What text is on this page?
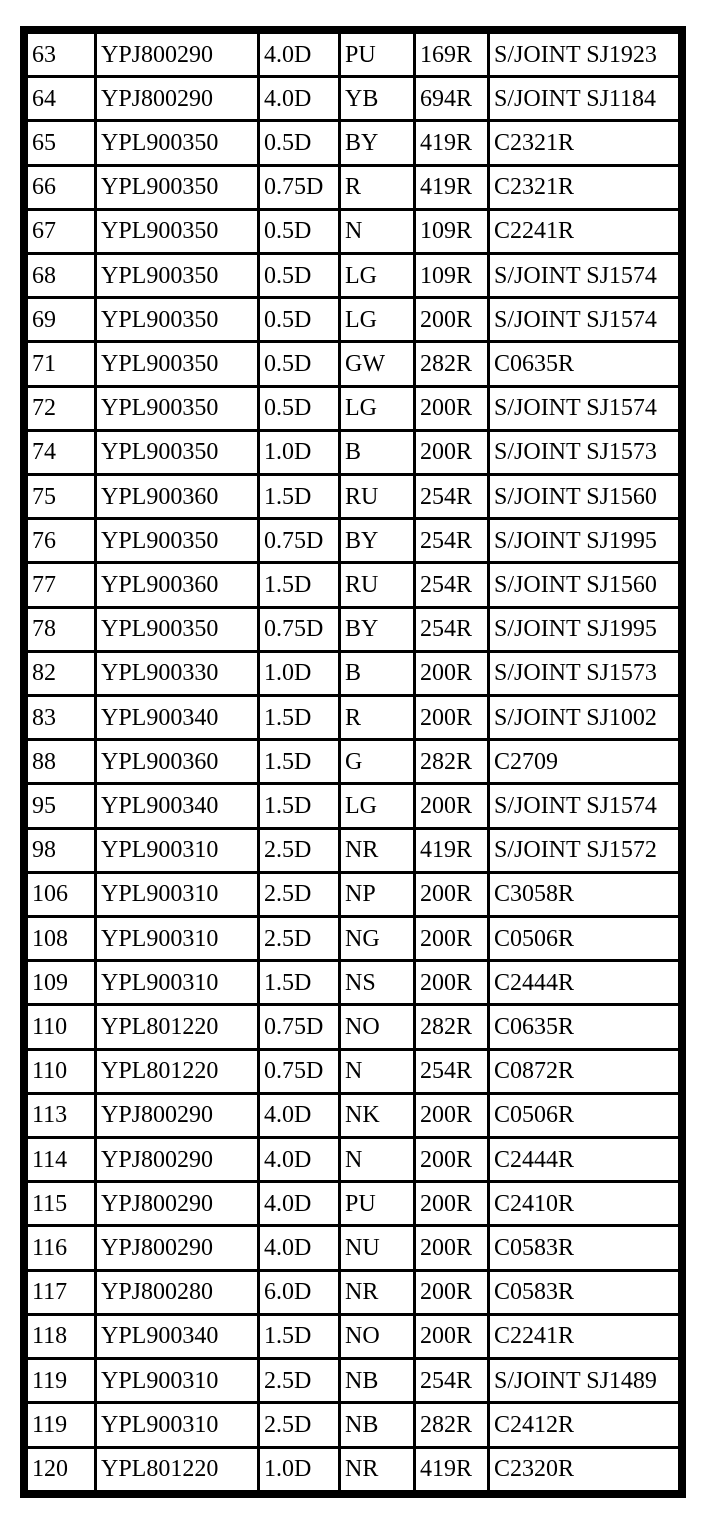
63	YPJ800290	4.0D	PU	169R	S/JOINT SJ1923
64	YPJ800290	4.0D	YB	694R	S/JOINT SJ1184
65	YPL900350	0.5D	BY	419R	C2321R
66	YPL900350	0.75D	R	419R	C2321R
67	YPL900350	0.5D	N	109R	C2241R
68	YPL900350	0.5D	LG	109R	S/JOINT SJ1574
69	YPL900350	0.5D	LG	200R	S/JOINT SJ1574
71	YPL900350	0.5D	GW	282R	C0635R
72	YPL900350	0.5D	LG	200R	S/JOINT SJ1574
74	YPL900350	1.0D	B	200R	S/JOINT SJ1573
75	YPL900360	1.5D	RU	254R	S/JOINT SJ1560
76	YPL900350	0.75D	BY	254R	S/JOINT SJ1995
77	YPL900360	1.5D	RU	254R	S/JOINT SJ1560
78	YPL900350	0.75D	BY	254R	S/JOINT SJ1995
82	YPL900330	1.0D	B	200R	S/JOINT SJ1573
83	YPL900340	1.5D	R	200R	S/JOINT SJ1002
88	YPL900360	1.5D	G	282R	C2709
95	YPL900340	1.5D	LG	200R	S/JOINT SJ1574
98	YPL900310	2.5D	NR	419R	S/JOINT SJ1572
106	YPL900310	2.5D	NP	200R	C3058R
108	YPL900310	2.5D	NG	200R	C0506R
109	YPL900310	1.5D	NS	200R	C2444R
110	YPL801220	0.75D	NO	282R	C0635R
110	YPL801220	0.75D	N	254R	C0872R
113	YPJ800290	4.0D	NK	200R	C0506R
114	YPJ800290	4.0D	N	200R	C2444R
115	YPJ800290	4.0D	PU	200R	C2410R
116	YPJ800290	4.0D	NU	200R	C0583R
117	YPJ800280	6.0D	NR	200R	C0583R
118	YPL900340	1.5D	NO	200R	C2241R
119	YPL900310	2.5D	NB	254R	S/JOINT SJ1489
119	YPL900310	2.5D	NB	282R	C2412R
120	YPL801220	1.0D	NR	419R	C2320R
